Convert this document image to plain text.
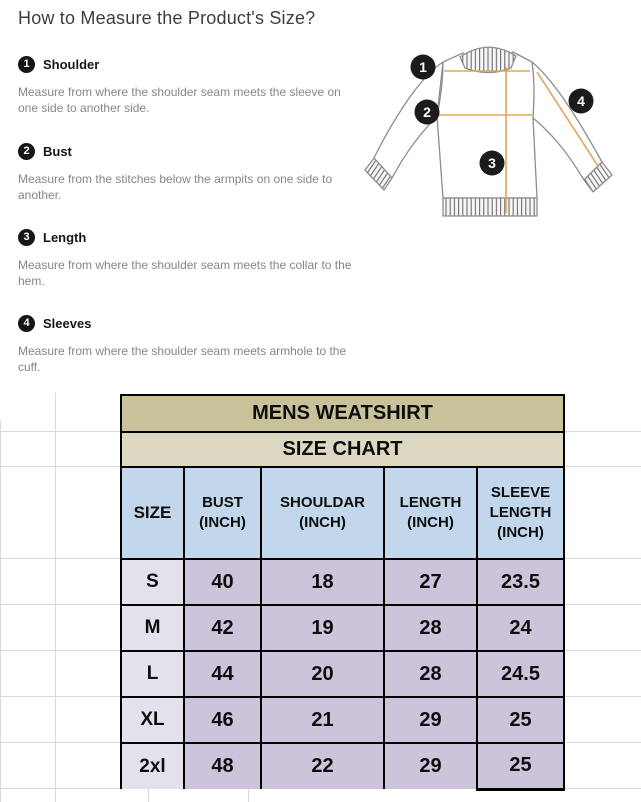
How to Measure the Product's Size?
1	Shoulder
Measure from where the shoulder seam meets the sleeve on one side to another side.
2	Bust
Measure from the stitches below the armpits on one side to another.
3	Length
Measure from where the shoulder seam meets the collar to the hem.
4	Sleeves
Measure from where the shoulder seam meets armhole to the cuff.
1
2
3
4
MENS WEATSHIRT				
SIZE CHART				
SIZE	BUST (INCH)	SHOULDAR (INCH)	LENGTH (INCH)	SLEEVE LENGTH (INCH)
S	40	18	27	23.5
M	42	19	28	24
L	44	20	28	24.5
XL	46	21	29	25
2xl	48	22	29	25
